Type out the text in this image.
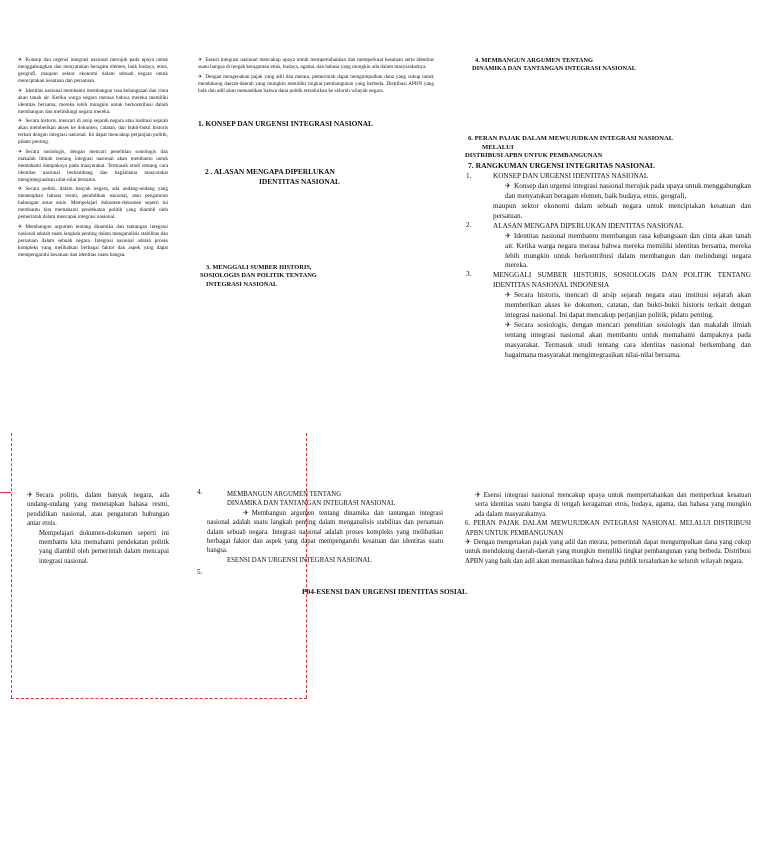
✈ Konsep dan urgensi integrasi nasional merujuk pada upaya untuk menggabungkan dan menyatukan beragam elemen, baik budaya, etnis, geografi, maupun sektor ekonomi dalam sebuah negara untuk menciptakan kesatuan dan persatuan.

✈ Identitas nasional membantu membangun rasa kebangsaan dan cinta akan tanah air. Ketika warga negara merasa bahwa mereka memiliki identitas bersama, mereka lebih mungkin untuk berkontribusi dalam membangun dan melindungi negara mereka.

✈ Secara historis, mencari di arsip sejarah negara atau institusi sejarah akan memberikan akses ke dokumen, catatan, dan bukti-bukti historis terkait dengan integrasi nasional. Ini dapat mencakup perjanjian politik, pidato penting.

✈ Secara sosiologis, dengan mencari penelitian sosiologis dan makalah ilmiah tentang integrasi nasional akan membantu untuk memahami dampaknya pada masyarakat. Termasuk studi tentang cara identitas nasional berkembang dan bagaimana masyarakat mengintegrasikan nilai-nilai bersama.

✈ Secara politis, dalam banyak negara, ada undang-undang yang menetapkan bahasa resmi, pendidikan nasional, atau pengaturan hubungan antar etnis. Mempelajari dokumen-dokumen seperti ini membantu kita memahami pendekatan politik yang diambil oleh pemerintah dalam mencapai integrasi nasional.

✈ Membangun argumen tentang dinamika dan tantangan integrasi nasional adalah suatu langkah penting dalam menganalisis stabilitas dan persatuan dalam sebuah negara. Integrasi nasional adalah proses kompleks yang melibatkan berbagai faktor dan aspek yang dapat mempengaruhi kesatuan dan identitas suatu bangsa.

✈ Esensi integrasi nasional mencakup upaya untuk mempertahankan dan memperkuat kesatuan serta identitas suatu bangsa di tengah keragaman etnis, budaya, agama, dan bahasa yang mungkin ada dalam masyarakatnya.

✈ Dengan mengenakan pajak yang adil dan merata, pemerintah dapat mengumpulkan dana yang cukup untuk mendukung daerah-daerah yang mungkin memiliki tingkat pembangunan yang berbeda. Distribusi APBN yang baik dan adil akan memastikan bahwa dana publik tersalurkan ke seluruh wilayah negara.

1. KONSEP DAN URGENSI INTEGRASI NASIONAL
2 . ALASAN MENGAPA DIPERLUKAN
IDENTITAS NASIONAL
3. MENGGALI SUMBER HISTORIS,
SOSIOLOGIS DAN POLITIK TENTANG
INTEGRASI NASIONAL
4. MEMBANGUN ARGUMEN TENTANG
DINAMIKA DAN TANTANGAN INTEGRASI NASIONAL
6. PERAN PAJAK DALAM MEWUJUDKAN INTEGRASI NASIONAL
MELALUI
DISTRIBUSI APBN UNTUK PEMBANGUNAN
7. RANGKUMAN URGENSI INTEGRITAS NASIONAL
1.
2.
3.

KONSEP DAN URGENSI IDENTITAS NASIONAL

✈ Konsep dan urgensi integrasi nasional merujuk pada upaya untuk menggabungkan dan menyatukan beragam elemen, baik budaya, etnis, geografi,

maupun sektor ekonomi dalam sebuah negara untuk menciptakan kesatuan dan persatuan.

ALASAN MENGAPA DIPERLUKAN IDENTITAS NASIONAL

✈ Identitas nasional membantu membangun rasa kebangsaan dan cinta akan tanah air. Ketika warga negara merasa bahwa mereka memiliki identitas bersama, mereka lebih mungkin untuk berkontribusi dalam membangun dan melindungi negara mereka.

MENGGALI SUMBER HISTORIS, SOSIOLOGIS DAN POLITIK TENTANG IDENTITAS NASIONAL INDONESIA

✈ Secara historis, mencari di arsip sejarah negara atau institusi sejarah akan memberikan akses ke dokumen, catatan, dan bukti-bukti historis terkait dengan integrasi nasional. Ini dapat mencakup perjanjian politik, pidato penting.

✈ Secara sosiologis, dengan mencari penelitian sosiologis dan makalah ilmiah tentang integrasi nasional akan membantu untuk memahami dampaknya pada masyarakat. Termasuk studi tentang cara identitas nasional berkembang dan bagaimana masyarakat mengintegrasikan nilai-nilai bersama.

✈ Secara politis, dalam banyak negara, ada undang-undang yang menetapkan bahasa resmi, pendidikan nasional, atau pengaturan hubungan antar etnis.

Mempelajari dokumen-dokumen seperti ini membantu kita memahami pendekatan politik yang diambil oleh pemerintah dalam mencapai integrasi nasional.

4.	MEMBANGUN ARGUMEN TENTANG

DINAMIKA DAN TANTANGAN INTEGRASI NASIONAL

✈ Membangun argumen tentang dinamika dan tantangan integrasi nasional adalah suatu langkah penting dalam menganalisis stabilitas dan persatuan dalam sebuah negara. Integrasi nasional adalah proses kompleks yang melibatkan berbagai faktor dan aspek yang dapat mempengaruhi kesatuan dan identitas suatu bangsa.

ESENSI DAN URGENSI INTEGRASI NASIONAL

5.
P04-ESENSI DAN URGENSI IDENTITAS SOSIAL

✈ Esensi integrasi nasional mencakup upaya untuk mempertahankan dan memperkuat kesatuan serta identitas suatu bangsa di tengah keragaman etnis, budaya, agama, dan bahasa yang mungkin ada dalam masyarakatnya.

6. PERAN PAJAK DALAM MEWUJUDKAN INTEGRASI NASIONAL MELALUI DISTRIBUSI APBN UNTUK PEMBANGUNAN

✈ Dengan mengenakan pajak yang adil dan merata, pemerintah dapat mengumpulkan dana yang cukup untuk mendukung daerah-daerah yang mungkin memiliki tingkat pembangunan yang berbeda. Distribusi APBN yang baik dan adil akan memastikan bahwa dana publik tersalurkan ke seluruh wilayah negara.
